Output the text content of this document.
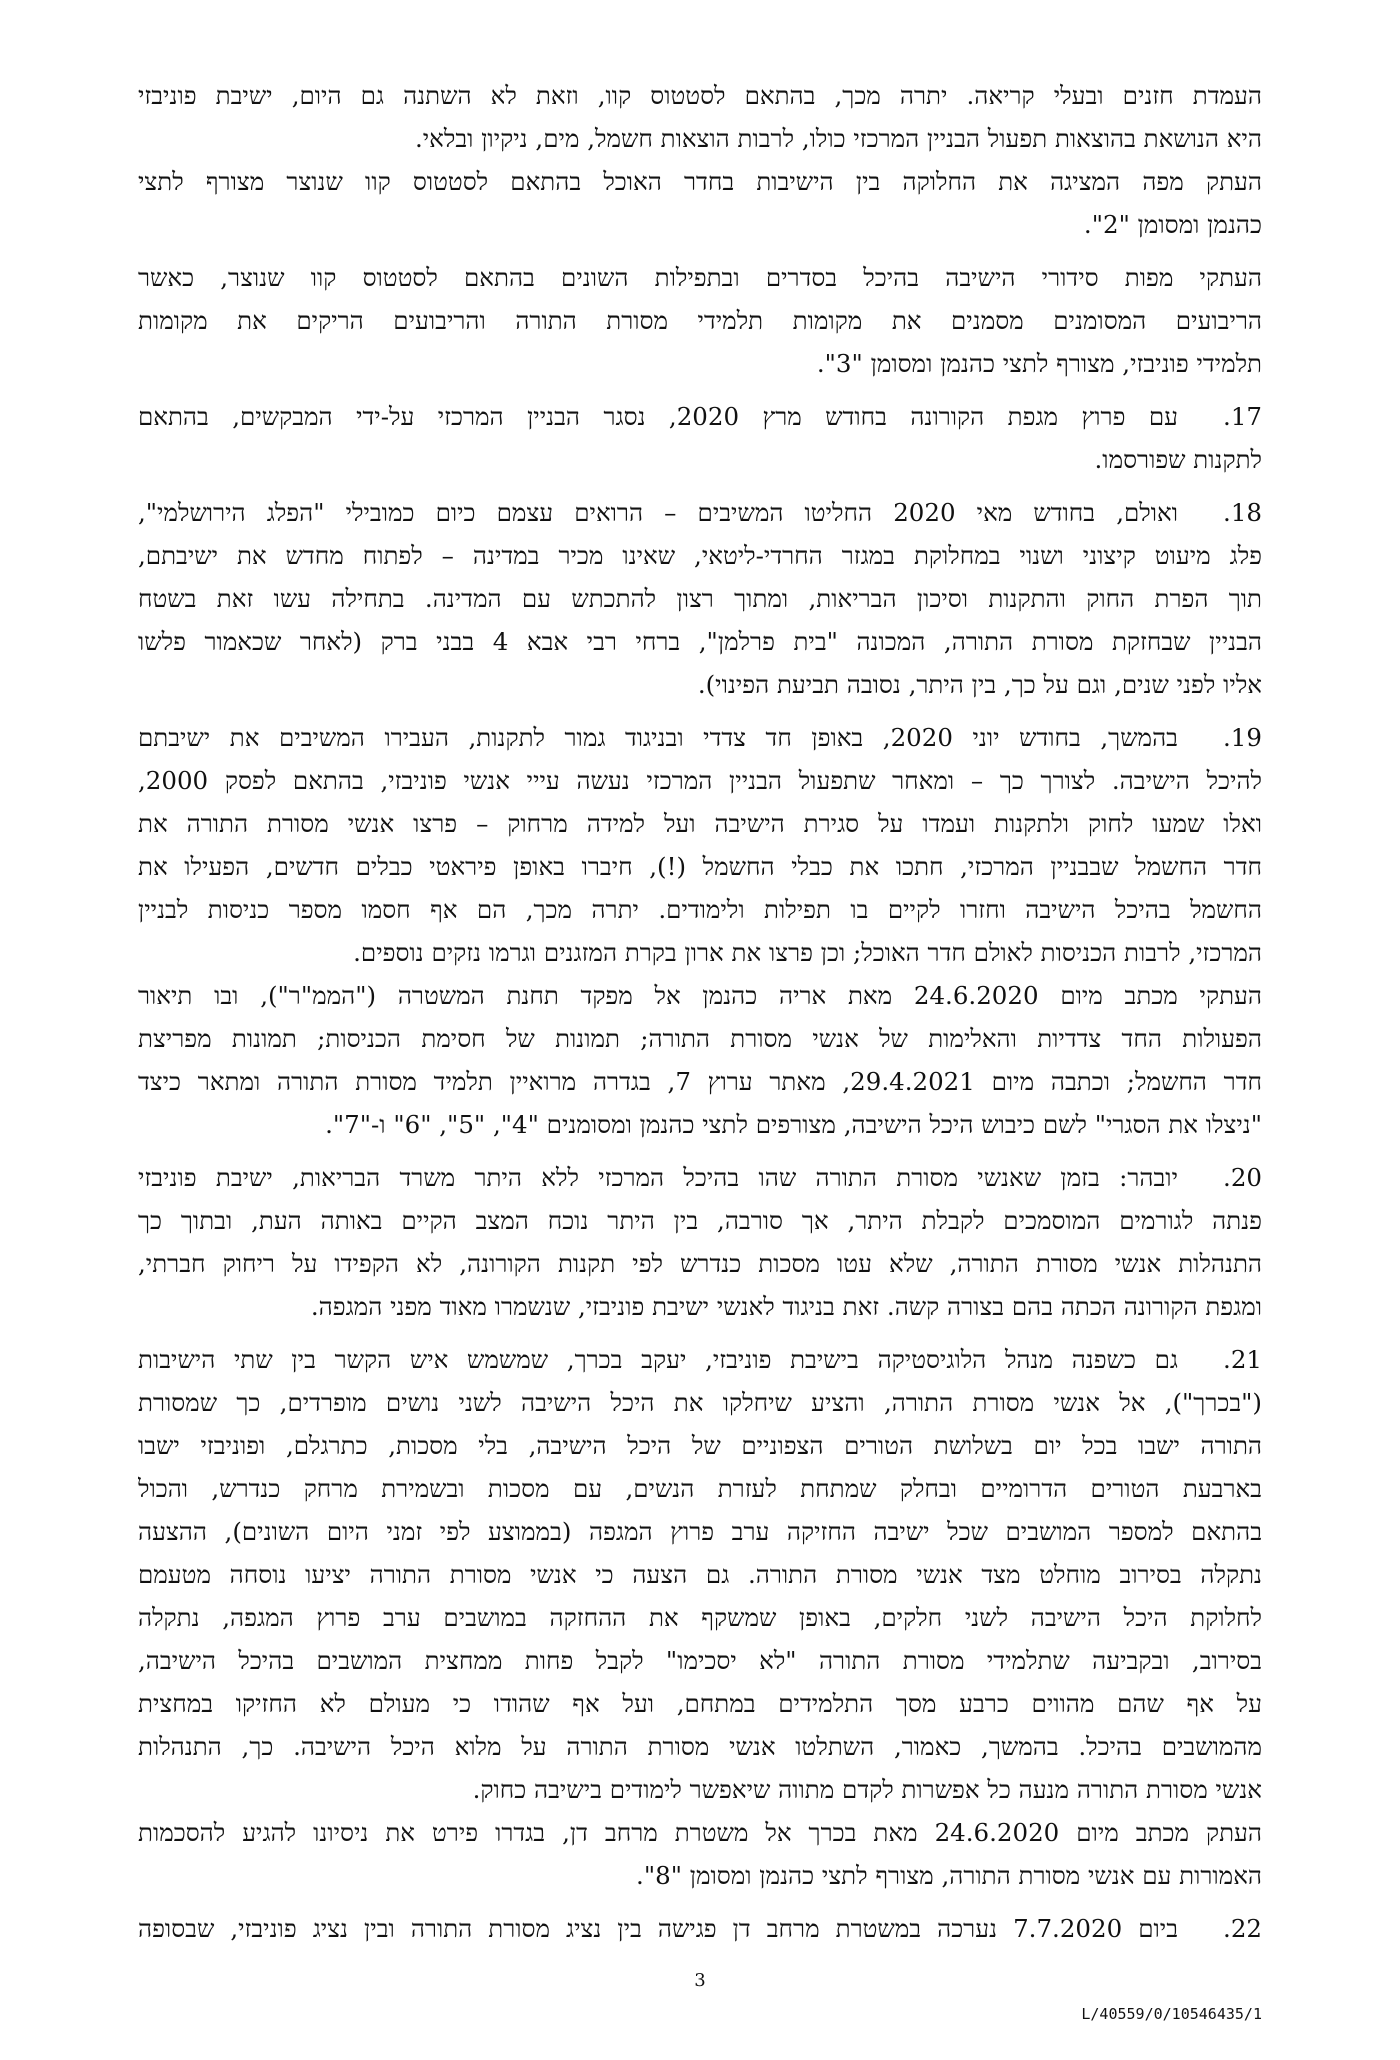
העמדת חזנים ובעלי קריאה. יתרה מכך, בהתאם לסטטוס קוו, וזאת לא השתנה גם היום, ישיבת פוניבזי
היא הנושאת בהוצאות תפעול הבניין המרכזי כולו, לרבות הוצאות חשמל, מים, ניקיון ובלאי.
העתק מפה המציגה את החלוקה בין הישיבות בחדר האוכל בהתאם לסטטוס קוו שנוצר מצורף לתצי
כהנמן ומסומן "2".
העתקי מפות סידורי הישיבה בהיכל בסדרים ובתפילות השונים בהתאם לסטטוס קוו שנוצר, כאשר
הריבועים המסומנים מסמנים את מקומות תלמידי מסורת התורה והריבועים הריקים את מקומות
תלמידי פוניבזי, מצורף לתצי כהנמן ומסומן "3".
17.עם פרוץ מגפת הקורונה בחודש מרץ 2020, נסגר הבניין המרכזי על-ידי המבקשים, בהתאם
לתקנות שפורסמו.
18.ואולם, בחודש מאי 2020 החליטו המשיבים – הרואים עצמם כיום כמובילי "הפלג הירושלמי",
פלג מיעוט קיצוני ושנוי במחלוקת במגזר החרדי-ליטאי, שאינו מכיר במדינה – לפתוח מחדש את ישיבתם,
תוך הפרת החוק והתקנות וסיכון הבריאות, ומתוך רצון להתכתש עם המדינה. בתחילה עשו זאת בשטח
הבניין שבחזקת מסורת התורה, המכונה "בית פרלמן", ברחי רבי אבא 4 בבני ברק (לאחר שכאמור פלשו
אליו לפני שנים, וגם על כך, בין היתר, נסובה תביעת הפינוי).
19.בהמשך, בחודש יוני 2020, באופן חד צדדי ובניגוד גמור לתקנות, העבירו המשיבים את ישיבתם
להיכל הישיבה. לצורך כך – ומאחר שתפעול הבניין המרכזי נעשה עייי אנשי פוניבזי, בהתאם לפסק 2000,
ואלו שמעו לחוק ולתקנות ועמדו על סגירת הישיבה ועל למידה מרחוק – פרצו אנשי מסורת התורה את
חדר החשמל שבבניין המרכזי, חתכו את כבלי החשמל (!), חיברו באופן פיראטי כבלים חדשים, הפעילו את
החשמל בהיכל הישיבה וחזרו לקיים בו תפילות ולימודים. יתרה מכך, הם אף חסמו מספר כניסות לבניין
המרכזי, לרבות הכניסות לאולם חדר האוכל; וכן פרצו את ארון בקרת המזגנים וגרמו נזקים נוספים.
העתקי מכתב מיום 24.6.2020 מאת אריה כהנמן אל מפקד תחנת המשטרה ("הממ"ר"), ובו תיאור
הפעולות החד צדדיות והאלימות של אנשי מסורת התורה; תמונות של חסימת הכניסות; תמונות מפריצת
חדר החשמל; וכתבה מיום 29.4.2021, מאתר ערוץ 7, בגדרה מרואיין תלמיד מסורת התורה ומתאר כיצד
"ניצלו את הסגרי" לשם כיבוש היכל הישיבה, מצורפים לתצי כהנמן ומסומנים "4", "5", "6" ו-"7".
20.יובהר: בזמן שאנשי מסורת התורה שהו בהיכל המרכזי ללא היתר משרד הבריאות, ישיבת פוניבזי
פנתה לגורמים המוסמכים לקבלת היתר, אך סורבה, בין היתר נוכח המצב הקיים באותה העת, ובתוך כך
התנהלות אנשי מסורת התורה, שלא עטו מסכות כנדרש לפי תקנות הקורונה, לא הקפידו על ריחוק חברתי,
ומגפת הקורונה הכתה בהם בצורה קשה. זאת בניגוד לאנשי ישיבת פוניבזי, שנשמרו מאוד מפני המגפה.
21.גם כשפנה מנהל הלוגיסטיקה בישיבת פוניבזי, יעקב בכרך, שמשמש איש הקשר בין שתי הישיבות
("בכרך"), אל אנשי מסורת התורה, והציע שיחלקו את היכל הישיבה לשני נושים מופרדים, כך שמסורת
התורה ישבו בכל יום בשלושת הטורים הצפוניים של היכל הישיבה, בלי מסכות, כתרגלם, ופוניבזי ישבו
בארבעת הטורים הדרומיים ובחלק שמתחת לעזרת הנשים, עם מסכות ובשמירת מרחק כנדרש, והכול
בהתאם למספר המושבים שכל ישיבה החזיקה ערב פרוץ המגפה (בממוצע לפי זמני היום השונים), ההצעה
נתקלה בסירוב מוחלט מצד אנשי מסורת התורה. גם הצעה כי אנשי מסורת התורה יציעו נוסחה מטעמם
לחלוקת היכל הישיבה לשני חלקים, באופן שמשקף את ההחזקה במושבים ערב פרוץ המגפה, נתקלה
בסירוב, ובקביעה שתלמידי מסורת התורה "לא יסכימו" לקבל פחות ממחצית המושבים בהיכל הישיבה,
על אף שהם מהווים כרבע מסך התלמידים במתחם, ועל אף שהודו כי מעולם לא החזיקו במחצית
מהמושבים בהיכל. בהמשך, כאמור, השתלטו אנשי מסורת התורה על מלוא היכל הישיבה. כך, התנהלות
אנשי מסורת התורה מנעה כל אפשרות לקדם מתווה שיאפשר לימודים בישיבה כחוק.
העתק מכתב מיום 24.6.2020 מאת בכרך אל משטרת מרחב דן, בגדרו פירט את ניסיונו להגיע להסכמות
האמורות עם אנשי מסורת התורה, מצורף לתצי כהנמן ומסומן "8".
22.ביום 7.7.2020 נערכה במשטרת מרחב דן פגישה בין נציג מסורת התורה ובין נציג פוניבזי, שבסופה
3
L/40559/0/10546435/1
